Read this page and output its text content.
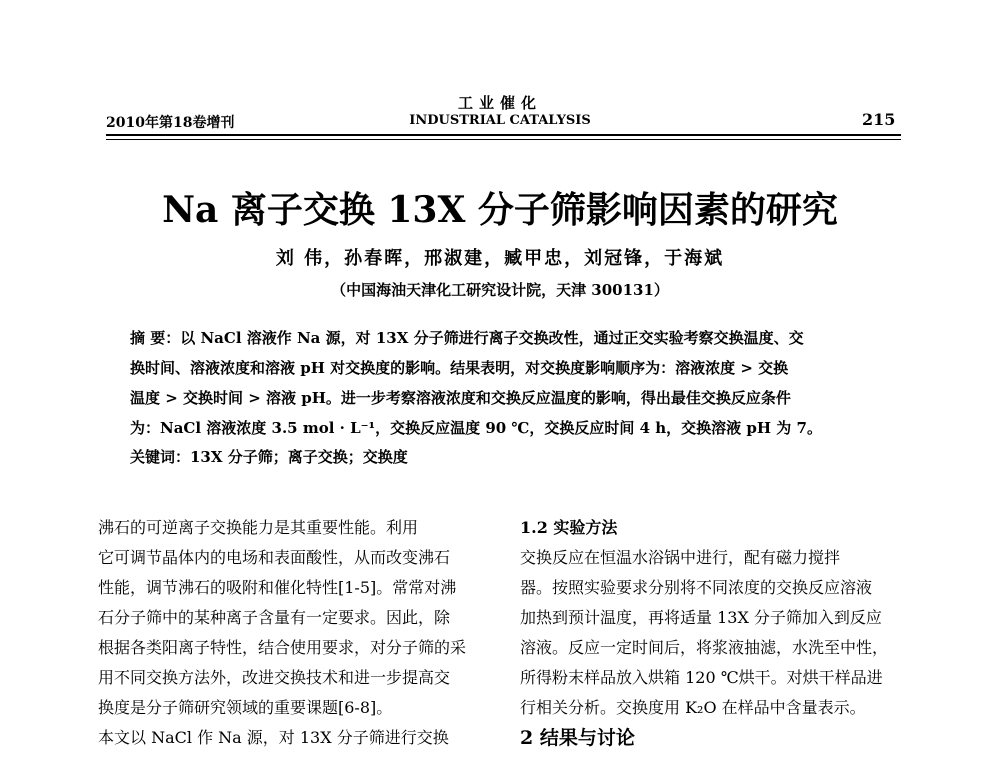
2010年第18卷增刊
工业催化
INDUSTRIAL CATALYSIS	215
Na 离子交换 13X 分子筛影响因素的研究
刘 伟，孙春晖，邢淑建，臧甲忠，刘冠锋，于海斌
（中国海油天津化工研究设计院，天津 300131）
摘 要：以 NaCl 溶液作 Na 源，对 13X 分子筛进行离子交换改性，通过正交实验考察交换温度、交
换时间、溶液浓度和溶液 pH 对交换度的影响。结果表明，对交换度影响顺序为：溶液浓度 > 交换
温度 > 交换时间 > 溶液 pH。进一步考察溶液浓度和交换反应温度的影响，得出最佳交换反应条件
为：NaCl 溶液浓度 3.5 mol · L⁻¹，交换反应温度 90 ℃，交换反应时间 4 h，交换溶液 pH 为 7。
关键词：13X 分子筛；离子交换；交换度
沸石的可逆离子交换能力是其重要性能。利用
它可调节晶体内的电场和表面酸性，从而改变沸石
性能，调节沸石的吸附和催化特性[1-5]。常常对沸
石分子筛中的某种离子含量有一定要求。因此，除
根据各类阳离子特性，结合使用要求，对分子筛的采
用不同交换方法外，改进交换技术和进一步提高交
换度是分子筛研究领域的重要课题[6-8]。
本文以 NaCl 作 Na 源，对 13X 分子筛进行交换
1.2 实验方法
交换反应在恒温水浴锅中进行，配有磁力搅拌
器。按照实验要求分别将不同浓度的交换反应溶液
加热到预计温度，再将适量 13X 分子筛加入到反应
溶液。反应一定时间后，将浆液抽滤，水洗至中性，
所得粉末样品放入烘箱 120 ℃烘干。对烘干样品进
行相关分析。交换度用 K₂O 在样品中含量表示。
2 结果与讨论
